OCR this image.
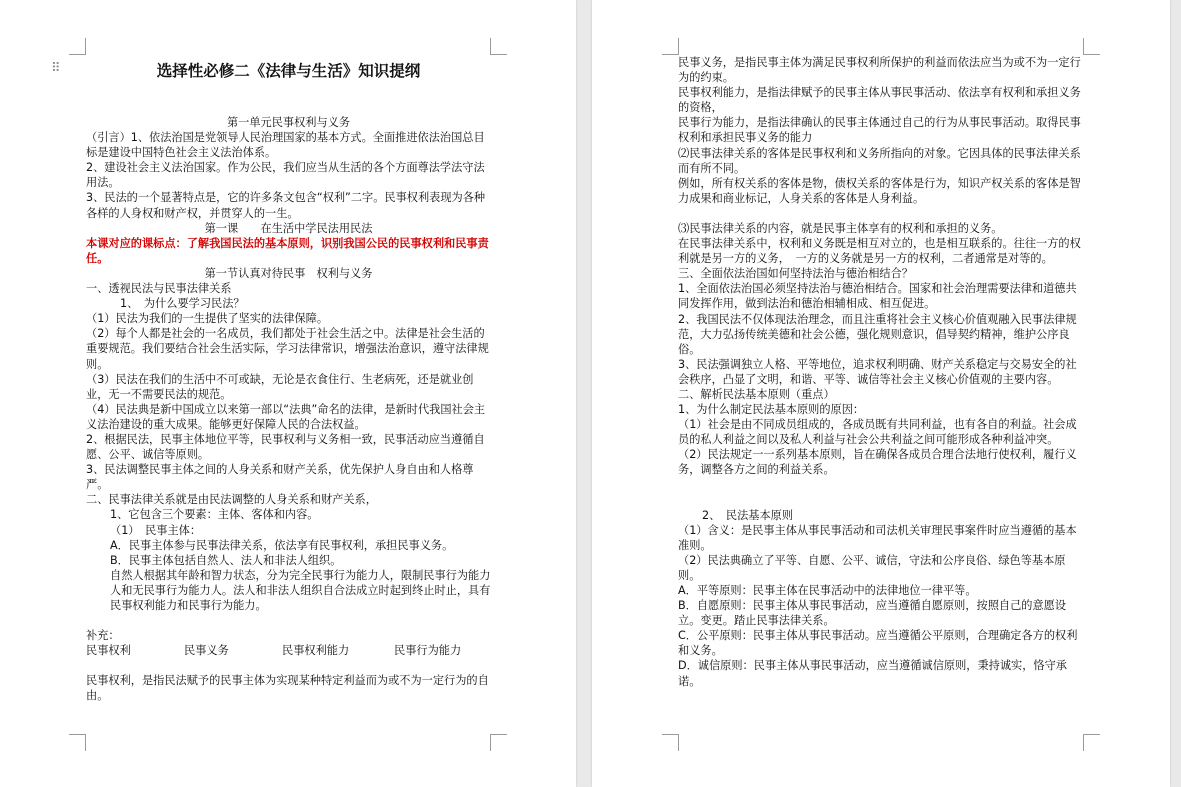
⠿	选择性必修二《法律与生活》知识提纲
第一单元民事权利与义务
（引言）1、依法治国是党领导人民治理国家的基本方式。全面推进依法治国总目标是建设中国特色社会主义法治体系。
2、建设社会主义法治国家。作为公民，我们应当从生活的各个方面尊法学法守法用法。
3、民法的一个显著特点是，它的许多条文包含“权利”二字。民事权利表现为各种各样的人身权和财产权，并贯穿人的一生。
第一课　　在生活中学民法用民法
本课对应的课标点：了解我国民法的基本原则，识别我国公民的民事权利和民事责任。
第一节认真对待民事　权利与义务
一、透视民法与民事法律关系
1、　为什么要学习民法？
（1）民法为我们的一生提供了坚实的法律保障。
（2）每个人都是社会的一名成员，我们都处于社会生活之中。法律是社会生活的重要规范。我们要结合社会生活实际，学习法律常识，增强法治意识，遵守法律规则。
（3）民法在我们的生活中不可或缺，无论是衣食住行、生老病死，还是就业创业，无一不需要民法的规范。
（4）民法典是新中国成立以来第一部以“法典”命名的法律，是新时代我国社会主义法治建设的重大成果。能够更好保障人民的合法权益。
2、根据民法，民事主体地位平等，民事权利与义务相一致，民事活动应当遵循自愿、公平、诚信等原则。
3、民法调整民事主体之间的人身关系和财产关系，优先保护人身自由和人格尊严。
二、民事法律关系就是由民法调整的人身关系和财产关系，
1、它包含三个要素：主体、客体和内容。
（1）　民事主体：
A．民事主体参与民事法律关系，依法享有民事权利，承担民事义务。
B．民事主体包括自然人、法人和非法人组织。
自然人根据其年龄和智力状态，分为完全民事行为能力人，限制民事行为能力人和无民事行为能力人。法人和非法人组织自合法成立时起到终止时止，具有民事权利能力和民事行为能力。
补充：
民事权利	民事义务	民事权利能力	民事行为能力
民事权利，是指民法赋予的民事主体为实现某种特定利益而为或不为一定行为的自由。
民事义务，是指民事主体为满足民事权利所保护的利益而依法应当为或不为一定行为的约束。
民事权利能力，是指法律赋予的民事主体从事民事活动、依法享有权利和承担义务的资格，
民事行为能力，是指法律确认的民事主体通过自己的行为从事民事活动。取得民事权利和承担民事义务的能力
⑵民事法律关系的客体是民事权利和义务所指向的对象。它因具体的民事法律关系而有所不同。
例如，所有权关系的客体是物，债权关系的客体是行为，知识产权关系的客体是智力成果和商业标记，人身关系的客体是人身利益。
⑶民事法律关系的内容，就是民事主体享有的权利和承担的义务。
在民事法律关系中，权利和义务既是相互对立的，也是相互联系的。往往一方的权利就是另一方的义务，　一方的义务就是另一方的权利，二者通常是对等的。
三、全面依法治国如何坚持法治与德治相结合？
1、全面依法治国必须坚持法治与德治相结合。国家和社会治理需要法律和道德共同发挥作用，做到法治和德治相辅相成、相互促进。
2、我国民法不仅体现法治理念，而且注重将社会主义核心价值观融入民事法律规范，大力弘扬传统美德和社会公德，强化规则意识，倡导契约精神，维护公序良俗。
3、民法强调独立人格、平等地位，追求权利明确、财产关系稳定与交易安全的社会秩序，凸显了文明，和谐、平等、诚信等社会主义核心价值观的主要内容。
二、解析民法基本原则（重点）
1、为什么制定民法基本原则的原因：
（1）社会是由不同成员组成的，各成员既有共同利益，也有各自的利益。社会成员的私人利益之间以及私人利益与社会公共利益之间可能形成各种利益冲突。
（2）民法规定一一系列基本原则，旨在确保各成员合理合法地行使权利，履行义务，调整各方之间的利益关系。
2、　民法基本原则
（1）含义：是民事主体从事民事活动和司法机关审理民事案件时应当遵循的基本准则。
（2）民法典确立了平等、自愿、公平、诚信，守法和公序良俗、绿色等基本原则。
A．平等原则：民事主体在民事活动中的法律地位一律平等。
B．自愿原则：民事主体从事民事活动，应当遵循自愿原则，按照自己的意愿设立。变更。踏止民事法律关系。
C．公平原则：民事主体从事民事活动。应当遵循公平原则，合理确定各方的权利和义务。
D．诚信原则：民事主体从事民事活动，应当遵循诚信原则，秉持诚实，恪守承诺。
